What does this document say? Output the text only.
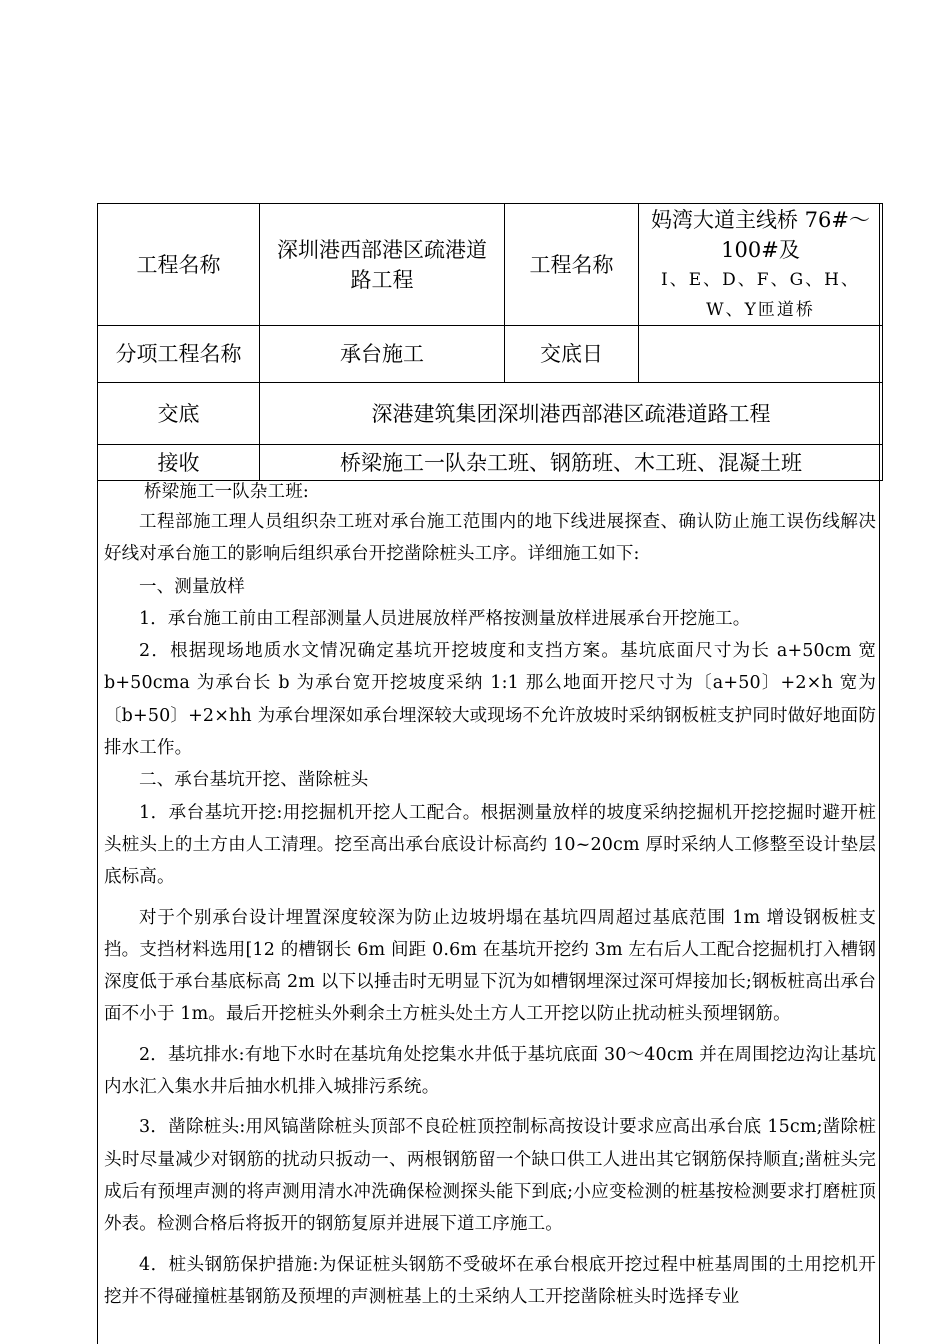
工程名称	深圳港西部港区疏港道路工程	工程名称	妈湾大道主线桥 76#～100#及
I、E、D、F、G、H、W、Y匝道桥

分项工程名称	承台施工	交底日	
交底	深港建筑集团深圳港西部港区疏港道路工程		
接收	桥梁施工一队杂工班、钢筋班、木工班、混凝土班		

桥梁施工一队杂工班:

工程部施工理人员组织杂工班对承台施工范围内的地下线进展探查、确认防止施工误伤线解决好线对承台施工的影响后组织承台开挖凿除桩头工序。详细施工如下:

一、测量放样

1．承台施工前由工程部测量人员进展放样严格按测量放样进展承台开挖施工。

2．根据现场地质水文情况确定基坑开挖坡度和支挡方案。基坑底面尺寸为长 a+50cm 宽 b+50cma 为承台长 b 为承台宽开挖坡度采纳 1:1 那么地面开挖尺寸为〔a+50〕+2×h 宽为〔b+50〕+2×hh 为承台埋深如承台埋深较大或现场不允许放坡时采纳钢板桩支护同时做好地面防排水工作。

二、承台基坑开挖、凿除桩头

1．承台基坑开挖:用挖掘机开挖人工配合。根据测量放样的坡度采纳挖掘机开挖挖掘时避开桩头桩头上的土方由人工清理。挖至高出承台底设计标高约 10~20cm 厚时采纳人工修整至设计垫层底标高。

对于个别承台设计埋置深度较深为防止边坡坍塌在基坑四周超过基底范围 1m 增设钢板桩支挡。支挡材料选用[12 的槽钢长 6m 间距 0.6m 在基坑开挖约 3m 左右后人工配合挖掘机打入槽钢深度低于承台基底标高 2m 以下以捶击时无明显下沉为如槽钢埋深过深可焊接加长;钢板桩高出承台面不小于 1m。最后开挖桩头外剩余土方桩头处土方人工开挖以防止扰动桩头预埋钢筋。

2．基坑排水:有地下水时在基坑角处挖集水井低于基坑底面 30～40cm 并在周围挖边沟让基坑内水汇入集水井后抽水机排入城排污系统。

3．凿除桩头:用风镐凿除桩头顶部不良砼桩顶控制标高按设计要求应高出承台底 15cm;凿除桩头时尽量减少对钢筋的扰动只扳动一、两根钢筋留一个缺口供工人进出其它钢筋保持顺直;凿桩头完成后有预埋声测的将声测用清水冲洗确保检测探头能下到底;小应变检测的桩基按检测要求打磨桩顶外表。检测合格后将扳开的钢筋复原并进展下道工序施工。

4．桩头钢筋保护措施:为保证桩头钢筋不受破坏在承台根底开挖过程中桩基周围的土用挖机开挖并不得碰撞桩基钢筋及预埋的声测桩基上的土采纳人工开挖凿除桩头时选择专业
